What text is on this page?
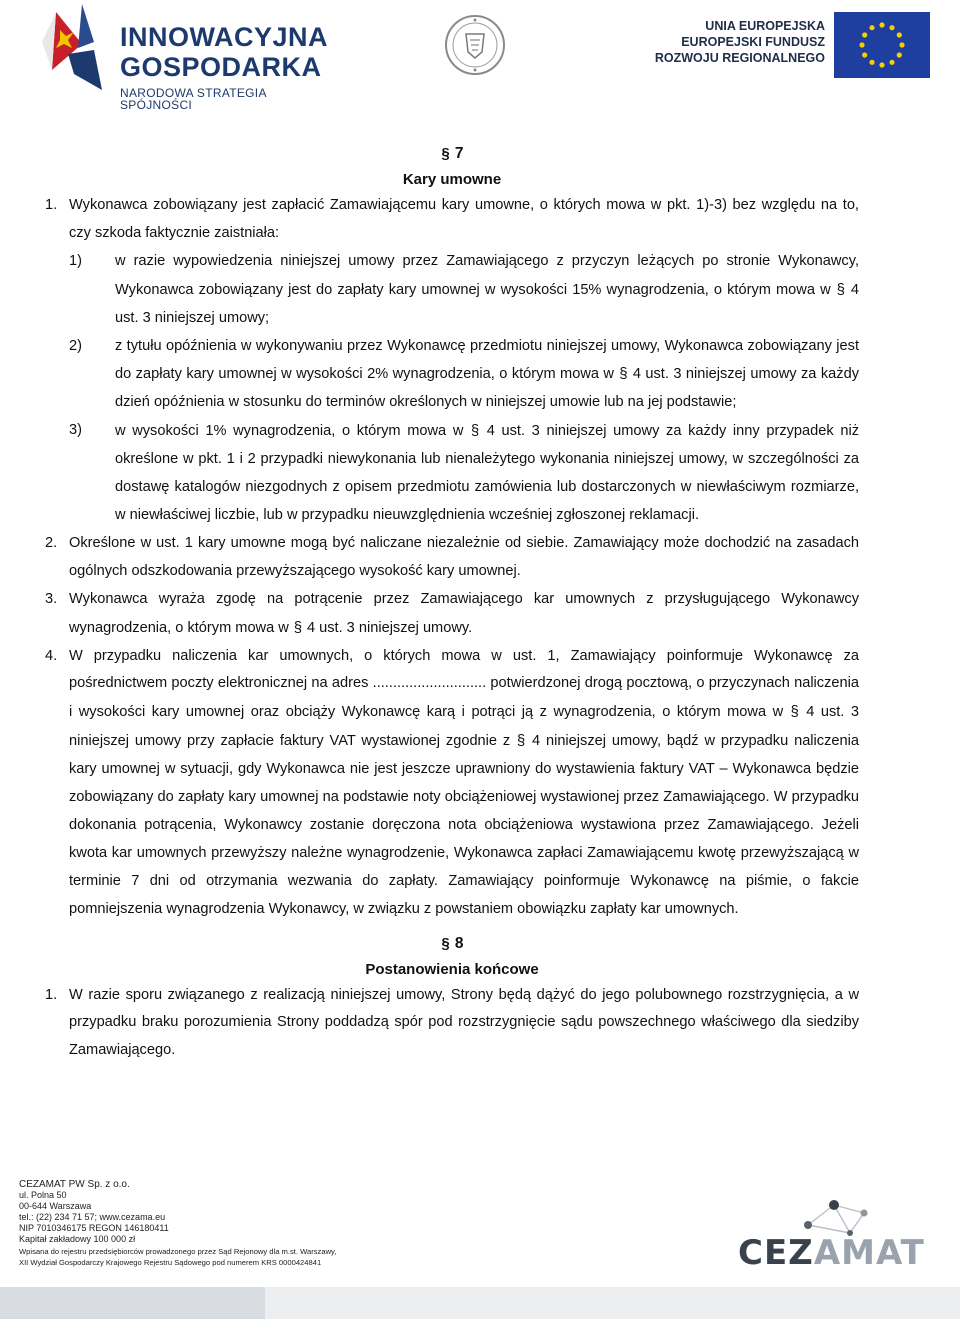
INNOWACYJNA
GOSPODARKA
NARODOWA STRATEGIA SPÓJNOŚCI
UNIA EUROPEJSKA
EUROPEJSKI FUNDUSZ
ROZWOJU REGIONALNEGO
§ 7
Kary umowne
1. Wykonawca zobowiązany jest zapłacić Zamawiającemu kary umowne, o których mowa w pkt. 1)-3) bez względu na to, czy szkoda faktycznie zaistniała:
1) w razie wypowiedzenia niniejszej umowy przez Zamawiającego z przyczyn leżących po stronie Wykonawcy, Wykonawca zobowiązany jest do zapłaty kary umownej w wysokości 15% wynagrodzenia, o którym mowa w § 4 ust. 3 niniejszej umowy;
2) z tytułu opóźnienia w wykonywaniu przez Wykonawcę przedmiotu niniejszej umowy, Wykonawca zobowiązany jest do zapłaty kary umownej w wysokości 2% wynagrodzenia, o którym mowa w § 4 ust. 3 niniejszej umowy za każdy dzień opóźnienia w stosunku do terminów określonych w niniejszej umowie lub na jej podstawie;
3) w wysokości 1% wynagrodzenia, o którym mowa w § 4 ust. 3 niniejszej umowy za każdy inny przypadek niż określone w pkt. 1 i 2 przypadki niewykonania lub nienależytego wykonania niniejszej umowy, w szczególności za dostawę katalogów niezgodnych z opisem przedmiotu zamówienia lub dostarczonych w niewłaściwym rozmiarze, w niewłaściwej liczbie, lub w przypadku nieuwzględnienia wcześniej zgłoszonej reklamacji.
2. Określone w ust. 1 kary umowne mogą być naliczane niezależnie od siebie. Zamawiający może dochodzić na zasadach ogólnych odszkodowania przewyższającego wysokość kary umownej.
3. Wykonawca wyraża zgodę na potrącenie przez Zamawiającego kar umownych z przysługującego Wykonawcy wynagrodzenia, o którym mowa w § 4 ust. 3 niniejszej umowy.
4. W przypadku naliczenia kar umownych, o których mowa w ust. 1, Zamawiający poinformuje Wykonawcę za pośrednictwem poczty elektronicznej na adres ............................ potwierdzonej drogą pocztową, o przyczynach naliczenia i wysokości kary umownej oraz obciąży Wykonawcę karą i potrąci ją z wynagrodzenia, o którym mowa w § 4 ust. 3 niniejszej umowy przy zapłacie faktury VAT wystawionej zgodnie z § 4 niniejszej umowy, bądź w przypadku naliczenia kary umownej w sytuacji, gdy Wykonawca nie jest jeszcze uprawniony do wystawienia faktury VAT – Wykonawca będzie zobowiązany do zapłaty kary umownej na podstawie noty obciążeniowej wystawionej przez Zamawiającego. W przypadku dokonania potrącenia, Wykonawcy zostanie doręczona nota obciążeniowa wystawiona przez Zamawiającego. Jeżeli kwota kar umownych przewyższy należne wynagrodzenie, Wykonawca zapłaci Zamawiającemu kwotę przewyższającą w terminie 7 dni od otrzymania wezwania do zapłaty. Zamawiający poinformuje Wykonawcę na piśmie, o fakcie pomniejszenia wynagrodzenia Wykonawcy, w związku z powstaniem obowiązku zapłaty kar umownych.
§ 8
Postanowienia końcowe
1. W razie sporu związanego z realizacją niniejszej umowy, Strony będą dążyć do jego polubownego rozstrzygnięcia, a w przypadku braku porozumienia Strony poddadzą spór pod rozstrzygnięcie sądu powszechnego właściwego dla siedziby Zamawiającego.
CEZAMAT PW Sp. z o.o.
ul. Polna 50
00-644 Warszawa
tel.: (22) 234 71 57; www.cezama.eu
NIP 7010346175 REGON 146180411
Kapitał zakładowy 100 000 zł
Wpisana do rejestru przedsiębiorców prowadzonego przez Sąd Rejonowy dla m.st. Warszawy,
XII Wydział Gospodarczy Krajowego Rejestru Sądowego pod numerem KRS 0000424841	CEZAMAT
